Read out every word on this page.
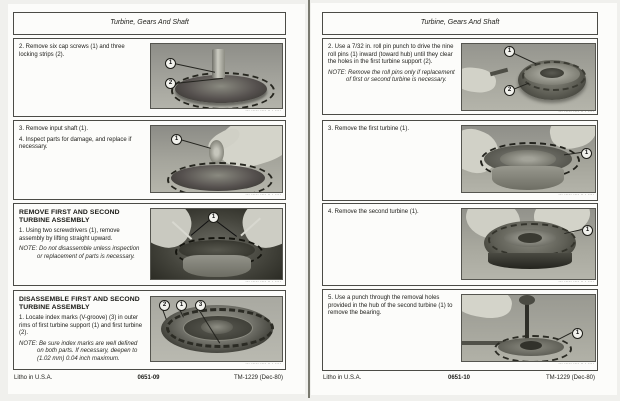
Turbine, Gears And Shaft

2. Remove six cap screws (1) and three locking strips (2).

1
2
··· ····· ···· ·· · ····

3. Remove input shaft (1).

4. Inspect parts for damage, and replace if necessary.

1
··· ····· ···· ·· · ····

REMOVE FIRST AND SECOND TURBINE ASSEMBLY

1. Using two screwdrivers (1), remove assembly by lifting straight upward.

NOTE: Do not disassemble unless inspection or replacement of parts is necessary.

1
··· ····· ···· ·· · ····

DISASSEMBLE FIRST AND SECOND TURBINE ASSEMBLY

1. Locate index marks (V-groove) (3) in outer rims of first turbine support (1) and first turbine (2).

NOTE: Be sure index marks are well defined on both parts. If necessary, deepen to (1.02 mm) 0.04 inch maximum.

2	1	3
··· ····· ···· ·· · ····
Litho in U.S.A.	0651-09	TM-1229 (Dec-80)
Turbine, Gears And Shaft

2. Use a 7/32 in. roll pin punch to drive the nine roll pins (1) inward (toward hub) until they clear the holes in the first turbine support (2).

NOTE: Remove the roll pins only if replacement of first or second turbine is necessary.

1
2
··· ····· ···· ·· · ····

3. Remove the first turbine (1).

1
··· ····· ···· ·· · ····

4. Remove the second turbine (1).

1
··· ····· ···· ·· · ····

5. Use a punch through the removal holes provided in the hub of the second turbine (1) to remove the bearing.

1
··· ····· ···· ·· · ····
Litho in U.S.A.	0651-10	TM-1229 (Dec-80)
